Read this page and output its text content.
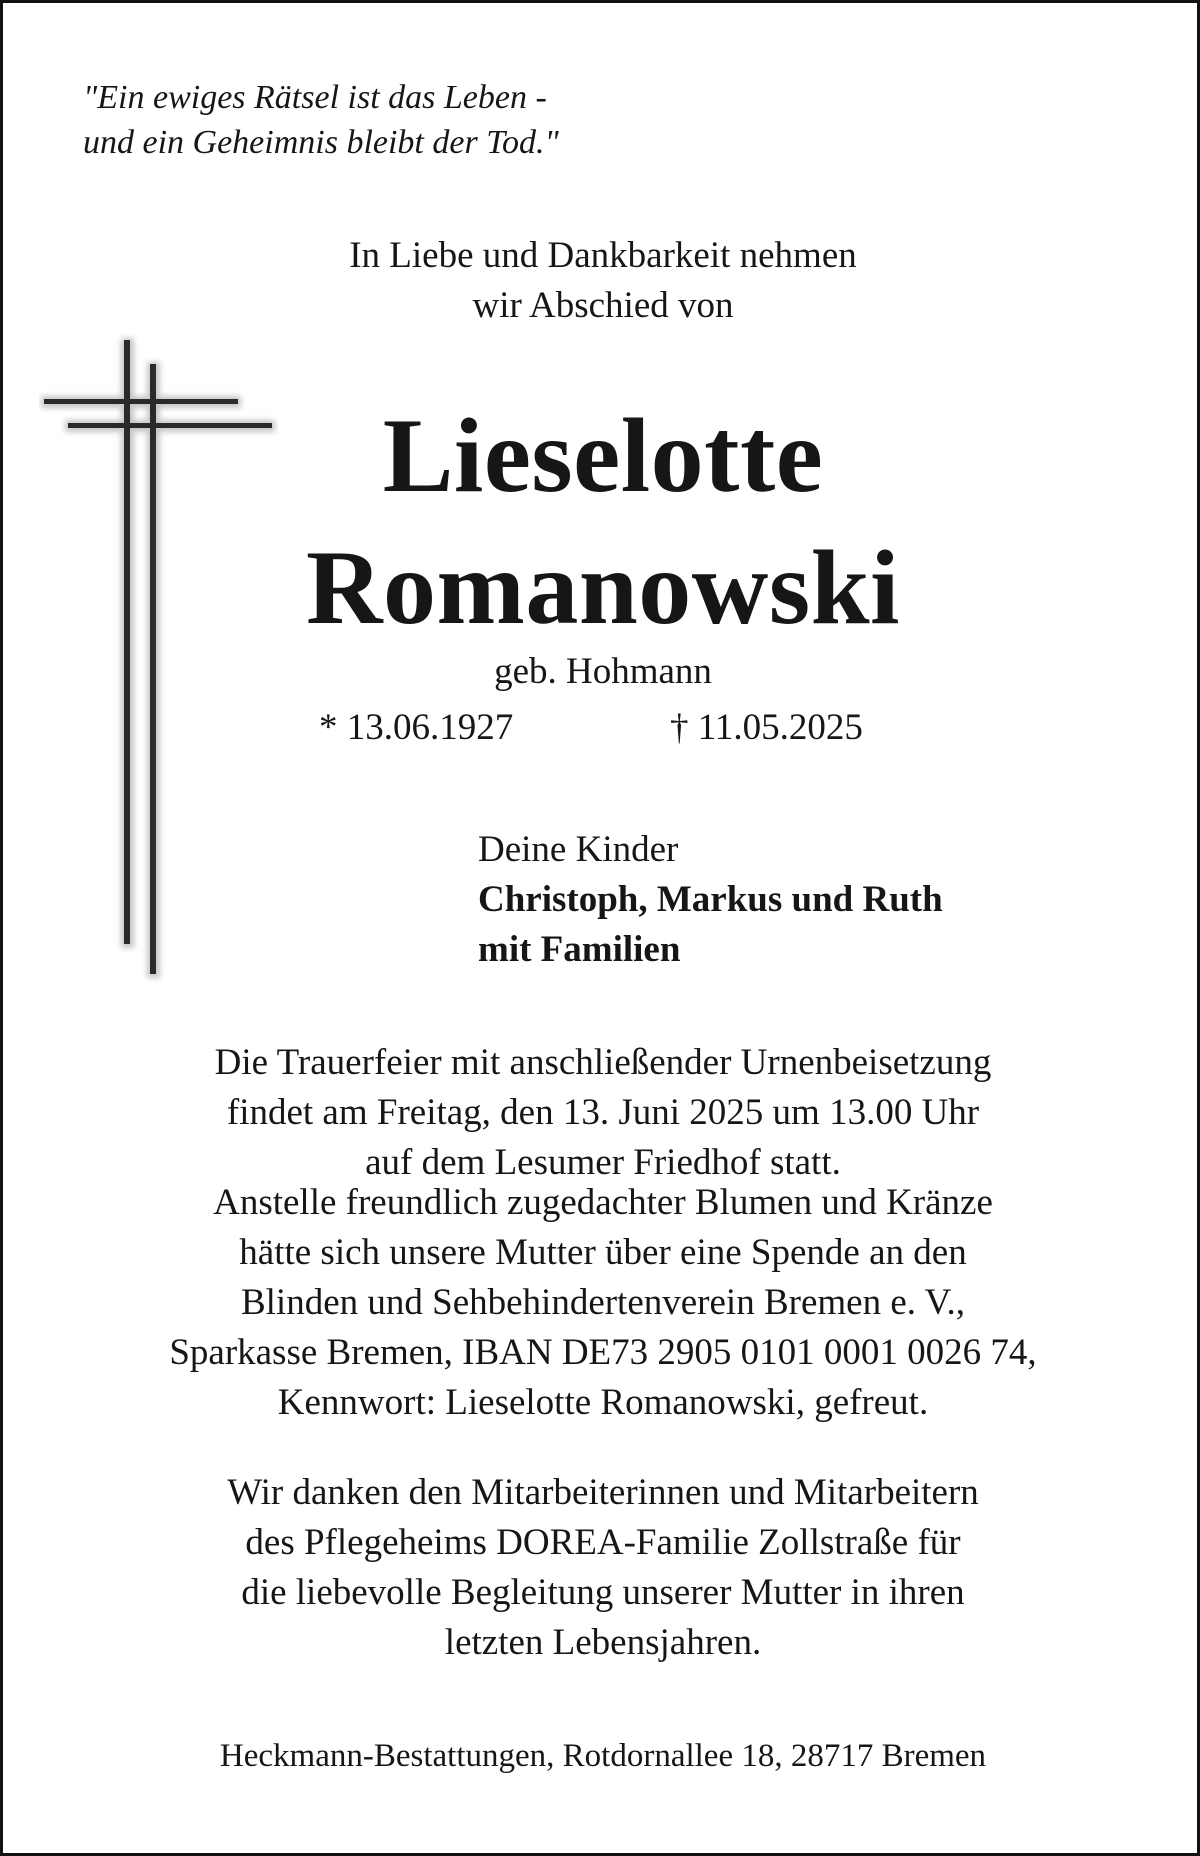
"Ein ewiges Rätsel ist das Leben -
und ein Geheimnis bleibt der Tod."
In Liebe und Dankbarkeit nehmen
wir Abschied von
Lieselotte
Romanowski
geb. Hohmann
* 13.06.1927	† 11.05.2025
Deine Kinder
Christoph, Markus und Ruth
mit Familien
Die Trauerfeier mit anschließender Urnenbeisetzung
findet am Freitag, den 13. Juni 2025 um 13.00 Uhr
auf dem Lesumer Friedhof statt.
Anstelle freundlich zugedachter Blumen und Kränze
hätte sich unsere Mutter über eine Spende an den
Blinden und Sehbehindertenverein Bremen e. V.,
Sparkasse Bremen, IBAN DE73 2905 0101 0001 0026 74,
Kennwort: Lieselotte Romanowski, gefreut.
Wir danken den Mitarbeiterinnen und Mitarbeitern
des Pflegeheims DOREA-Familie Zollstraße für
die liebevolle Begleitung unserer Mutter in ihren
letzten Lebensjahren.
Heckmann-Bestattungen, Rotdornallee 18, 28717 Bremen
